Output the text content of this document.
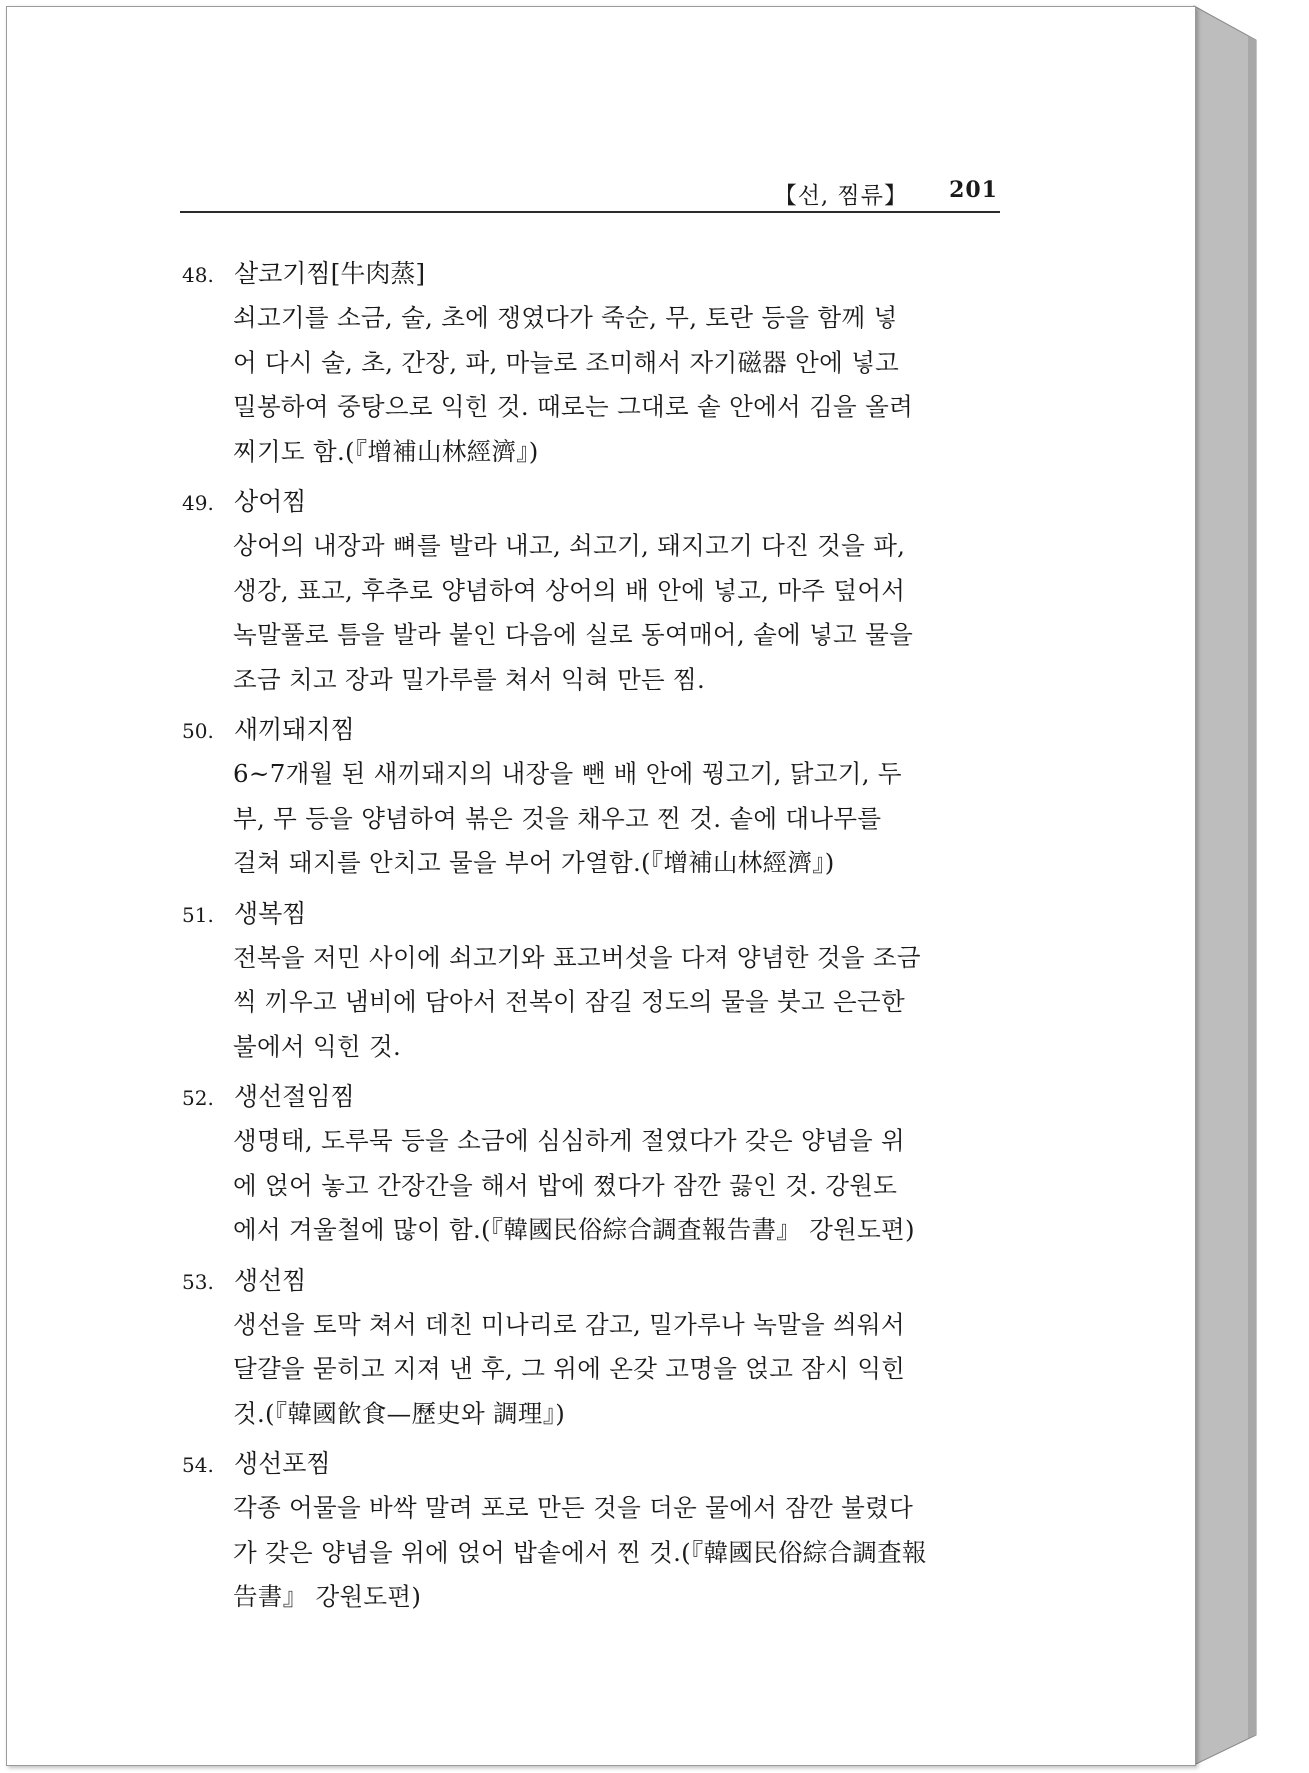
【선, 찜류】 201
48. 살코기찜[牛肉蒸]
쇠고기를 소금, 술, 초에 쟁였다가 죽순, 무, 토란 등을 함께 넣
어 다시 술, 초, 간장, 파, 마늘로 조미해서 자기磁器 안에 넣고
밀봉하여 중탕으로 익힌 것. 때로는 그대로 솥 안에서 김을 올려
찌기도 함.(『增補山林經濟』)
49. 상어찜
상어의 내장과 뼈를 발라 내고, 쇠고기, 돼지고기 다진 것을 파,
생강, 표고, 후추로 양념하여 상어의 배 안에 넣고, 마주 덮어서
녹말풀로 틈을 발라 붙인 다음에 실로 동여매어, 솥에 넣고 물을
조금 치고 장과 밀가루를 쳐서 익혀 만든 찜.
50. 새끼돼지찜
6~7개월 된 새끼돼지의 내장을 뺀 배 안에 꿩고기, 닭고기, 두
부, 무 등을 양념하여 볶은 것을 채우고 찐 것. 솥에 대나무를
걸쳐 돼지를 안치고 물을 부어 가열함.(『增補山林經濟』)
51. 생복찜
전복을 저민 사이에 쇠고기와 표고버섯을 다져 양념한 것을 조금
씩 끼우고 냄비에 담아서 전복이 잠길 정도의 물을 붓고 은근한
불에서 익힌 것.
52. 생선절임찜
생명태, 도루묵 등을 소금에 심심하게 절였다가 갖은 양념을 위
에 얹어 놓고 간장간을 해서 밥에 쪘다가 잠깐 끓인 것. 강원도
에서 겨울철에 많이 함.(『韓國民俗綜合調査報告書』 강원도편)
53. 생선찜
생선을 토막 쳐서 데친 미나리로 감고, 밀가루나 녹말을 씌워서
달걀을 묻히고 지져 낸 후, 그 위에 온갖 고명을 얹고 잠시 익힌
것.(『韓國飮食—歷史와 調理』)
54. 생선포찜
각종 어물을 바싹 말려 포로 만든 것을 더운 물에서 잠깐 불렸다
가 갖은 양념을 위에 얹어 밥솥에서 찐 것.(『韓國民俗綜合調査報
告書』 강원도편)
